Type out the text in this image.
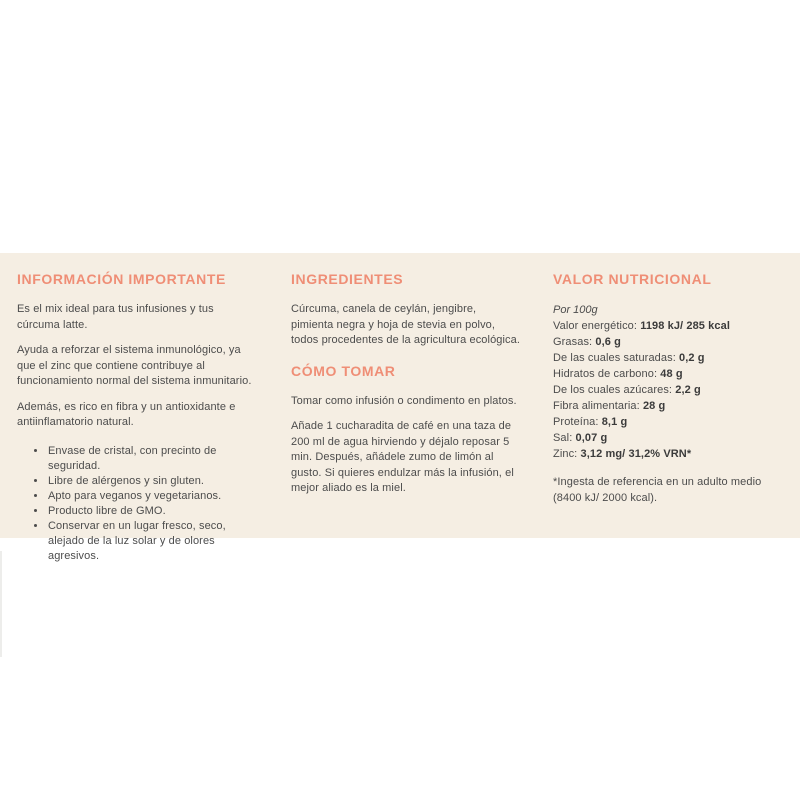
INFORMACIÓN IMPORTANTE

Es el mix ideal para tus infusiones y tus cúrcuma latte.

Ayuda a reforzar el sistema inmunológico, ya que el zinc que contiene contribuye al funcionamiento normal del sistema inmunitario.

Además, es rico en fibra y un antioxidante e antiinflamatorio natural.

• Envase de cristal, con precinto de seguridad.
• Libre de alérgenos y sin gluten.
• Apto para veganos y vegetarianos.
• Producto libre de GMO.
• Conservar en un lugar fresco, seco, alejado de la luz solar y de olores agresivos.
INGREDIENTES

Cúrcuma, canela de ceylán, jengibre, pimienta negra y hoja de stevia en polvo, todos procedentes de la agricultura ecológica.

CÓMO TOMAR

Tomar como infusión o condimento en platos.

Añade 1 cucharadita de café en una taza de 200 ml de agua hirviendo y déjalo reposar 5 min. Después, añádele zumo de limón al gusto. Si quieres endulzar más la infusión, el mejor aliado es la miel.

VALOR NUTRICIONAL

Por 100g

Valor energético: 1198 kJ/ 285 kcal
Grasas: 0,6 g
De las cuales saturadas: 0,2 g
Hidratos de carbono: 48 g
De los cuales azúcares: 2,2 g
Fibra alimentaria: 28 g
Proteína: 8,1 g
Sal: 0,07 g
Zinc: 3,12 mg/ 31,2% VRN*

*Ingesta de referencia en un adulto medio (8400 kJ/ 2000 kcal).
